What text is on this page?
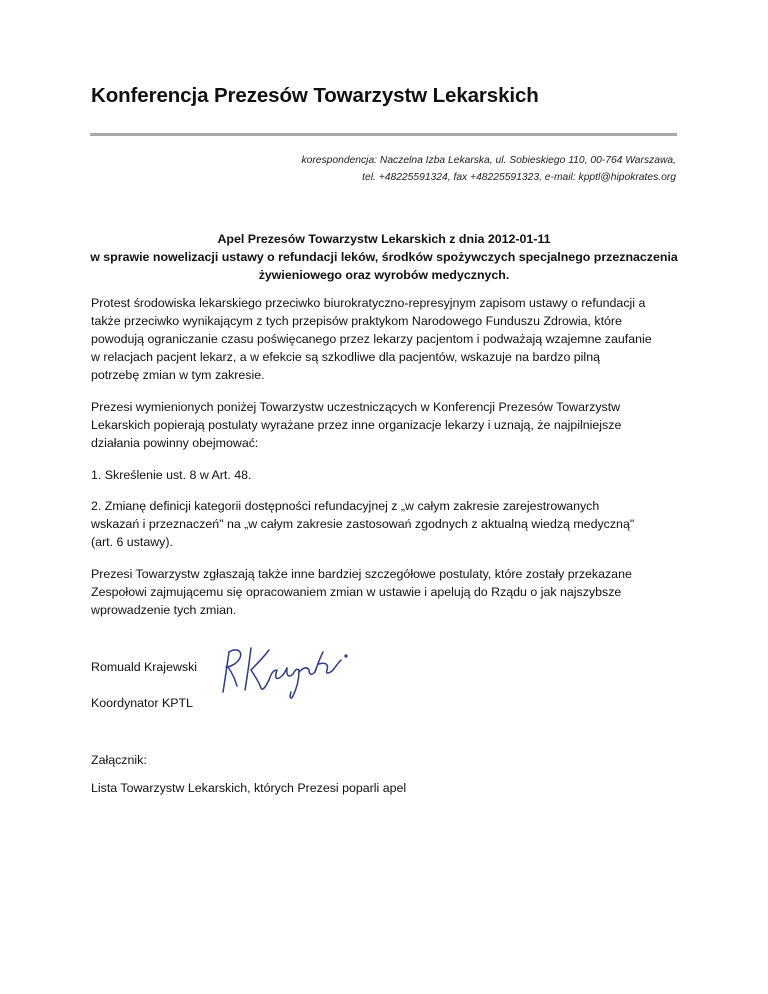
Konferencja Prezesów Towarzystw Lekarskich
korespondencja: Naczelna Izba Lekarska, ul. Sobieskiego 110, 00-764 Warszawa,
tel. +48225591324, fax +48225591323, e-mail: kpptl@hipokrates.org
Apel Prezesów Towarzystw Lekarskich z dnia 2012-01-11
w sprawie nowelizacji ustawy o refundacji leków, środków spożywczych specjalnego przeznaczenia
żywieniowego oraz wyrobów medycznych.
Protest środowiska lekarskiego przeciwko biurokratyczno-represyjnym zapisom ustawy o refundacji a
także przeciwko wynikającym z tych przepisów praktykom Narodowego Funduszu Zdrowia, które
powodują ograniczanie czasu poświęcanego przez lekarzy pacjentom i podważają wzajemne zaufanie
w relacjach pacjent lekarz, a w efekcie są szkodliwe dla pacjentów, wskazuje na bardzo pilną
potrzebę zmian w tym zakresie.
Prezesi wymienionych poniżej Towarzystw uczestniczących w Konferencji Prezesów Towarzystw
Lekarskich popierają postulaty wyrażane przez inne organizacje lekarzy i uznają, że najpilniejsze
działania powinny obejmować:
1. Skreślenie ust. 8 w Art. 48.
2. Zmianę definicji kategorii dostępności refundacyjnej z „w całym zakresie zarejestrowanych
wskazań i przeznaczeń" na „w całym zakresie zastosowań zgodnych z aktualną wiedzą medyczną"
(art. 6 ustawy).
Prezesi Towarzystw zgłaszają także inne bardziej szczegółowe postulaty, które zostały przekazane
Zespołowi zajmującemu się opracowaniem zmian w ustawie i apelują do Rządu o jak najszybsze
wprowadzenie tych zmian.
Romuald Krajewski
Koordynator KPTL
Załącznik:
Lista Towarzystw Lekarskich, których Prezesi poparli apel
